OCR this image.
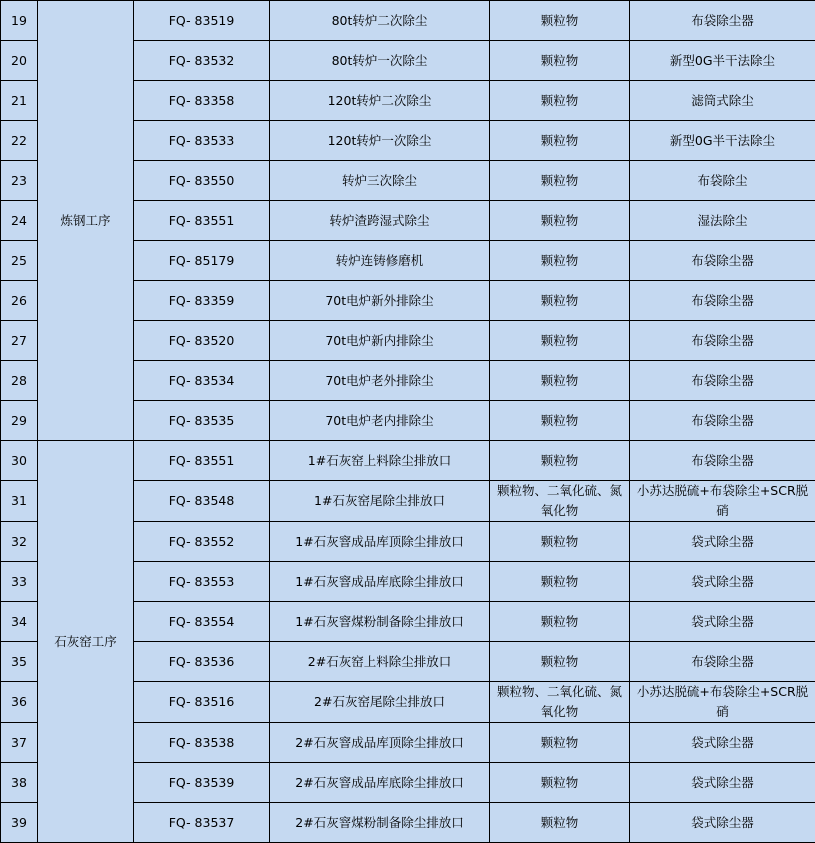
19	炼钢工序	FQ- 83519	80t转炉二次除尘	颗粒物	布袋除尘器
20		FQ- 83532	80t转炉一次除尘	颗粒物	新型0G半干法除尘
21		FQ- 83358	120t转炉二次除尘	颗粒物	滤筒式除尘
22		FQ- 83533	120t转炉一次除尘	颗粒物	新型0G半干法除尘
23		FQ- 83550	转炉三次除尘	颗粒物	布袋除尘
24		FQ- 83551	转炉渣跨湿式除尘	颗粒物	湿法除尘
25		FQ- 85179	转炉连铸修磨机	颗粒物	布袋除尘器
26		FQ- 83359	70t电炉新外排除尘	颗粒物	布袋除尘器
27		FQ- 83520	70t电炉新内排除尘	颗粒物	布袋除尘器
28		FQ- 83534	70t电炉老外排除尘	颗粒物	布袋除尘器
29		FQ- 83535	70t电炉老内排除尘	颗粒物	布袋除尘器
30	石灰窑工序	FQ- 83551	1#石灰窑上料除尘排放口	颗粒物	布袋除尘器
31		FQ- 83548	1#石灰窑尾除尘排放口	颗粒物、二氧化硫、氮氧化物	小苏达脱硫+布袋除尘+SCR脱硝
32		FQ- 83552	1#石灰窨成品库顶除尘排放口	颗粒物	袋式除尘器
33		FQ- 83553	1#石灰窨成品库底除尘排放口	颗粒物	袋式除尘器
34		FQ- 83554	1#石灰窨煤粉制备除尘排放口	颗粒物	袋式除尘器
35		FQ- 83536	2#石灰窑上料除尘排放口	颗粒物	布袋除尘器
36		FQ- 83516	2#石灰窑尾除尘排放口	颗粒物、二氧化硫、氮氧化物	小苏达脱硫+布袋除尘+SCR脱硝
37		FQ- 83538	2#石灰窨成品库顶除尘排放口	颗粒物	袋式除尘器
38		FQ- 83539	2#石灰窨成品库底除尘排放口	颗粒物	袋式除尘器
39		FQ- 83537	2#石灰窨煤粉制备除尘排放口	颗粒物	袋式除尘器
